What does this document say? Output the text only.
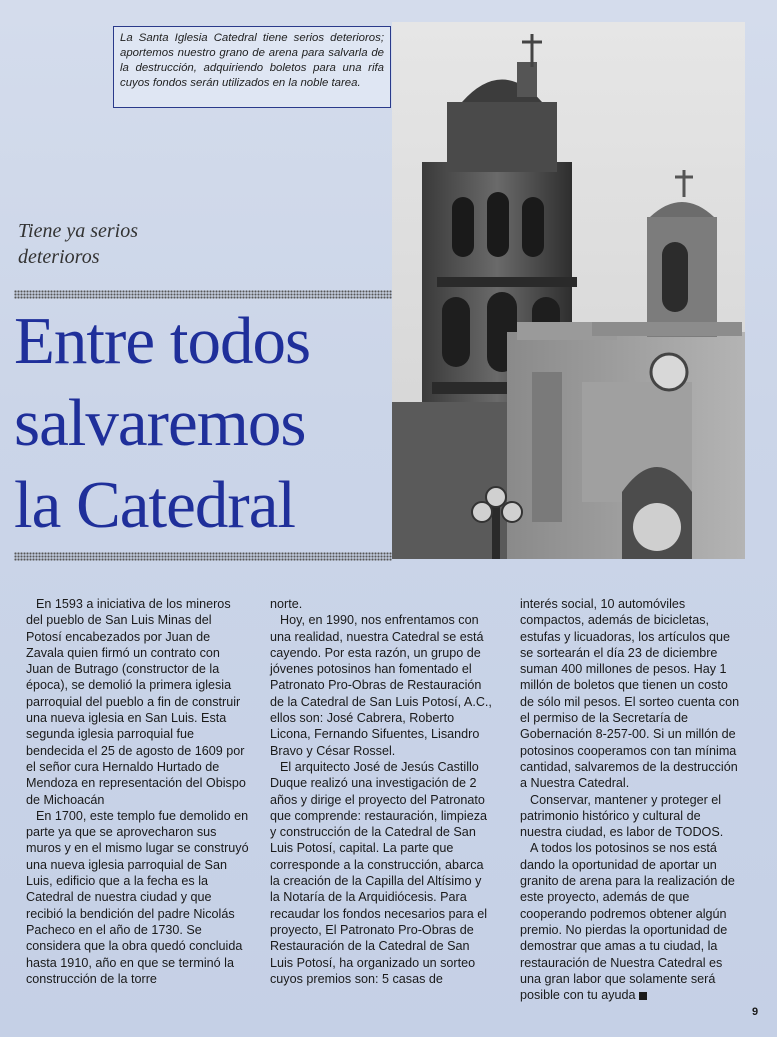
La Santa Iglesia Catedral tiene serios deterioros; aportemos nuestro grano de arena para salvarla de la destrucción, adquiriendo boletos para una rifa cuyos fondos serán utilizados en la noble tarea.
Tiene ya serios deterioros
Entre todos
salvaremos
la Catedral

En 1593 a iniciativa de los mineros del pueblo de San Luis Minas del Potosí encabezados por Juan de Zavala quien firmó un contrato con Juan de Butrago (constructor de la época), se demolió la primera iglesia parroquial del pueblo a fin de construir una nueva iglesia en San Luis. Esta segunda iglesia parroquial fue bendecida el 25 de agosto de 1609 por el señor cura Hernaldo Hurtado de Mendoza en representación del Obispo de Michoacán

En 1700, este templo fue demolido en parte ya que se aprovecharon sus muros y en el mismo lugar se construyó una nueva iglesia parroquial de San Luis, edificio que a la fecha es la Catedral de nuestra ciudad y que recibió la bendición del padre Nicolás Pacheco en el año de 1730. Se considera que la obra quedó concluida hasta 1910, año en que se terminó la construcción de la torre

norte.

Hoy, en 1990, nos enfrentamos con una realidad, nuestra Catedral se está cayendo. Por esta razón, un grupo de jóvenes potosinos han fomentado el Patronato Pro-Obras de Restauración de la Catedral de San Luis Potosí, A.C., ellos son: José Cabrera, Roberto Licona, Fernando Sifuentes, Lisandro Bravo y César Rossel.

El arquitecto José de Jesús Castillo Duque realizó una investigación de 2 años y dirige el proyecto del Patronato que comprende: restauración, limpieza y construcción de la Catedral de San Luis Potosí, capital. La parte que corresponde a la construcción, abarca la creación de la Capilla del Altísimo y la Notaría de la Arquidiócesis. Para recaudar los fondos necesarios para el proyecto, El Patronato Pro-Obras de Restauración de la Catedral de San Luis Potosí, ha organizado un sorteo cuyos premios son: 5 casas de

interés social, 10 automóviles compactos, además de bicicletas, estufas y licuadoras, los artículos que se sortearán el día 23 de diciembre suman 400 millones de pesos. Hay 1 millón de boletos que tienen un costo de sólo mil pesos. El sorteo cuenta con el permiso de la Secretaría de Gobernación 8-257-00. Si un millón de potosinos cooperamos con tan mínima cantidad, salvaremos de la destrucción a Nuestra Catedral.

Conservar, mantener y proteger el patrimonio histórico y cultural de nuestra ciudad, es labor de TODOS.

A todos los potosinos se nos está dando la oportunidad de aportar un granito de arena para la realización de este proyecto, además de que cooperando podremos obtener algún premio. No pierdas la oportunidad de demostrar que amas a tu ciudad, la restauración de Nuestra Catedral es una gran labor que solamente será posible con tu ayuda

9
